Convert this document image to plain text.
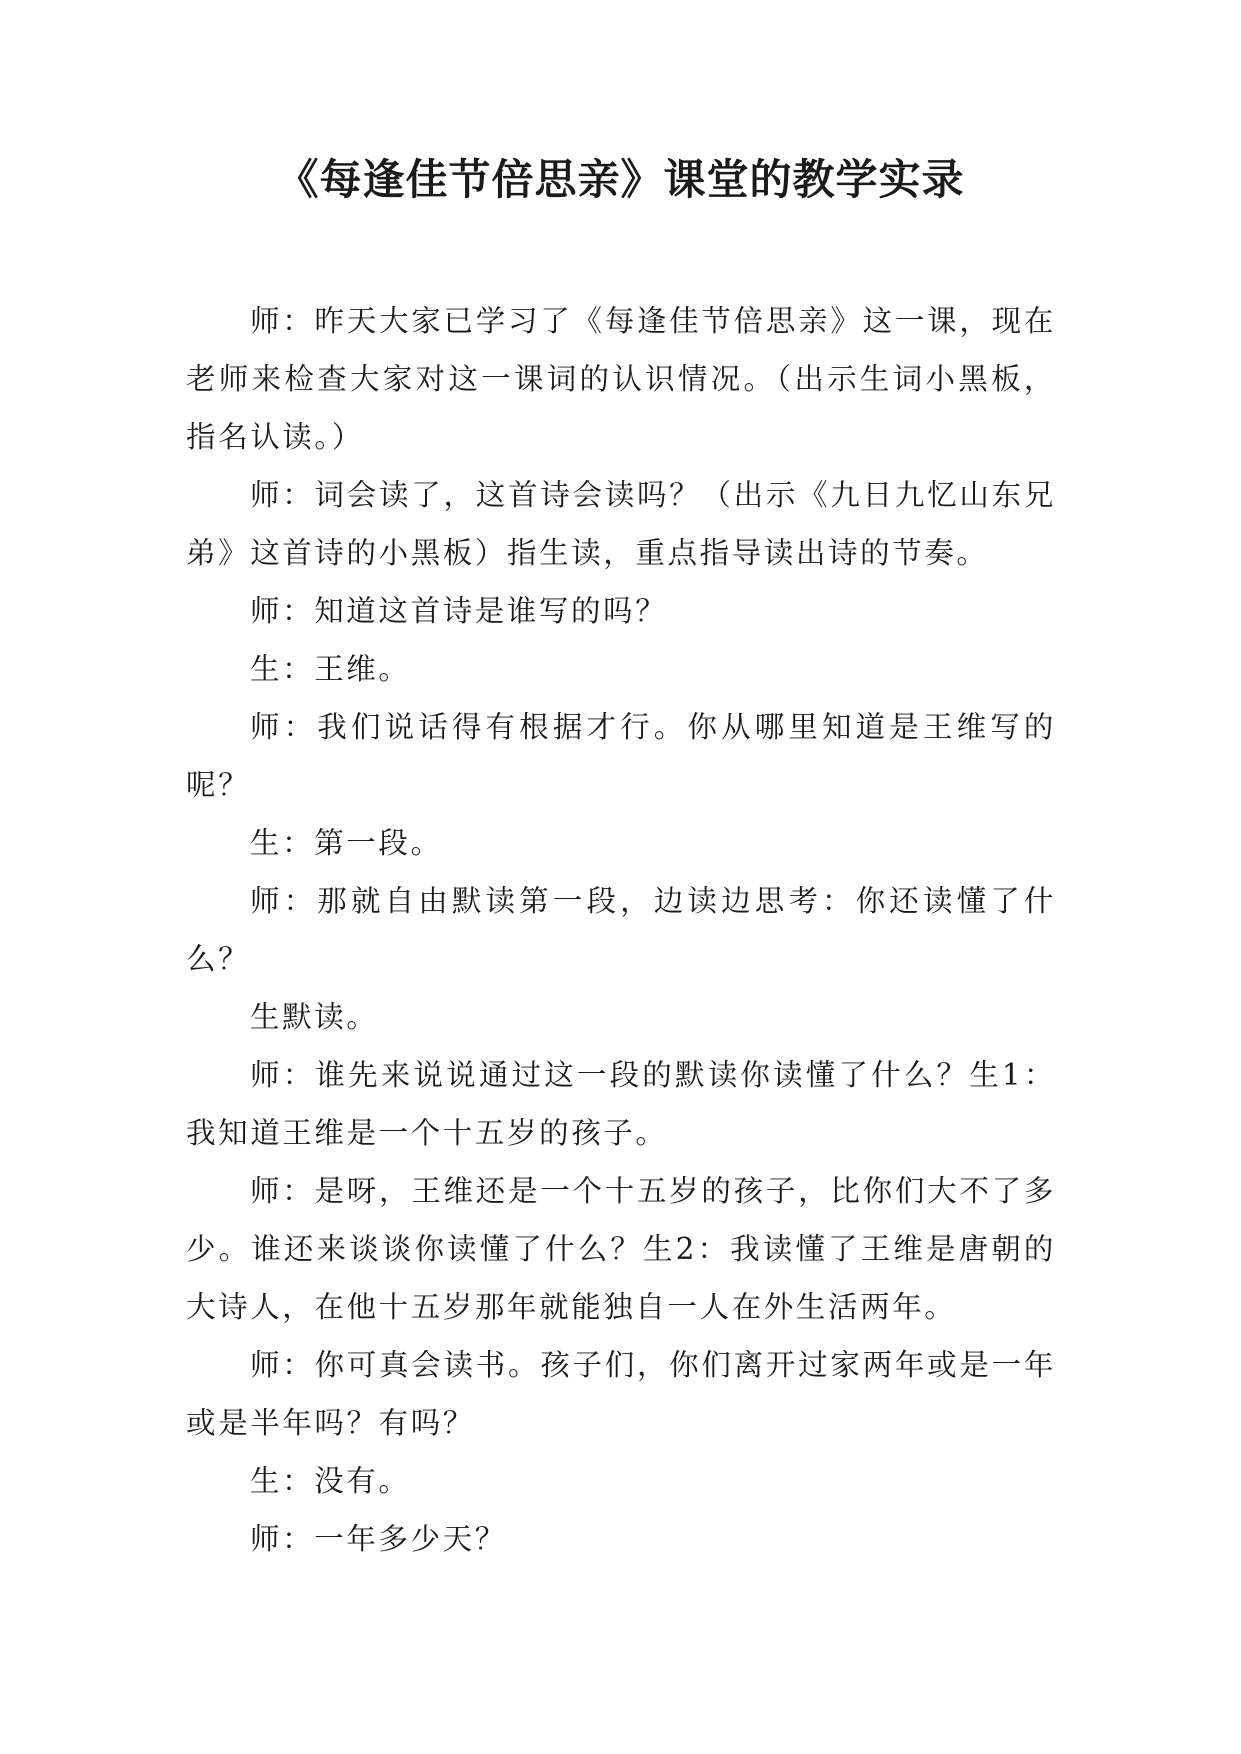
《每逢佳节倍思亲》课堂的教学实录

师：昨天大家已学习了《每逢佳节倍思亲》这一课，现在老师来检查大家对这一课词的认识情况。（出示生词小黑板，指名认读。）

师：词会读了，这首诗会读吗？（出示《九日九忆山东兄弟》这首诗的小黑板）指生读，重点指导读出诗的节奏。

师：知道这首诗是谁写的吗？

生：王维。

师：我们说话得有根据才行。你从哪里知道是王维写的呢？

生：第一段。

师：那就自由默读第一段，边读边思考：你还读懂了什么？

生默读。

师：谁先来说说通过这一段的默读你读懂了什么？生1：我知道王维是一个十五岁的孩子。

师：是呀，王维还是一个十五岁的孩子，比你们大不了多少。谁还来谈谈你读懂了什么？生2：我读懂了王维是唐朝的大诗人，在他十五岁那年就能独自一人在外生活两年。

师：你可真会读书。孩子们，你们离开过家两年或是一年或是半年吗？有吗？

生：没有。

师：一年多少天？
